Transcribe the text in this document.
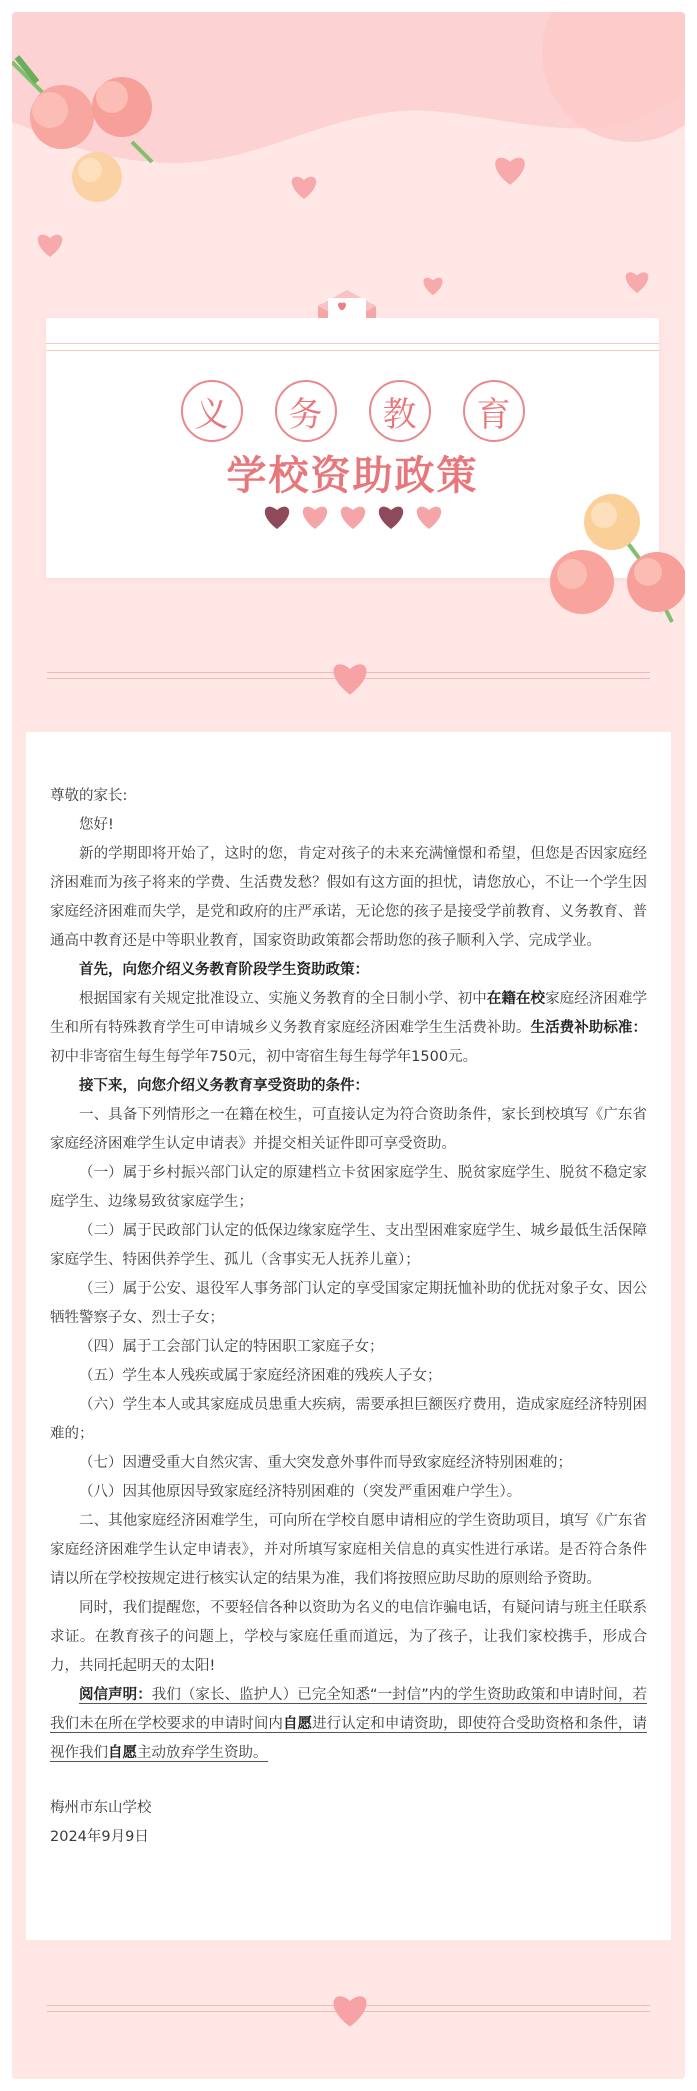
义	务	教	育
学校资助政策

尊敬的家长:

您好!

新的学期即将开始了，这时的您，肯定对孩子的未来充满憧憬和希望，但您是否因家庭经济困难而为孩子将来的学费、生活费发愁？假如有这方面的担忧，请您放心，不让一个学生因家庭经济困难而失学，是党和政府的庄严承诺，无论您的孩子是接受学前教育、义务教育、普通高中教育还是中等职业教育，国家资助政策都会帮助您的孩子顺利入学、完成学业。

首先，向您介绍义务教育阶段学生资助政策：

根据国家有关规定批准设立、实施义务教育的全日制小学、初中在籍在校家庭经济困难学生和所有特殊教育学生可申请城乡义务教育家庭经济困难学生生活费补助。生活费补助标准：初中非寄宿生每生每学年750元，初中寄宿生每生每学年1500元。

接下来，向您介绍义务教育享受资助的条件：

一、具备下列情形之一在籍在校生，可直接认定为符合资助条件，家长到校填写《广东省家庭经济困难学生认定申请表》并提交相关证件即可享受资助。

（一）属于乡村振兴部门认定的原建档立卡贫困家庭学生、脱贫家庭学生、脱贫不稳定家庭学生、边缘易致贫家庭学生；

（二）属于民政部门认定的低保边缘家庭学生、支出型困难家庭学生、城乡最低生活保障家庭学生、特困供养学生、孤儿（含事实无人抚养儿童）；

（三）属于公安、退役军人事务部门认定的享受国家定期抚恤补助的优抚对象子女、因公牺牲警察子女、烈士子女；

（四）属于工会部门认定的特困职工家庭子女；

（五）学生本人残疾或属于家庭经济困难的残疾人子女；

（六）学生本人或其家庭成员患重大疾病，需要承担巨额医疗费用，造成家庭经济特别困难的；

（七）因遭受重大自然灾害、重大突发意外事件而导致家庭经济特别困难的；

（八）因其他原因导致家庭经济特别困难的（突发严重困难户学生）。

二、其他家庭经济困难学生，可向所在学校自愿申请相应的学生资助项目，填写《广东省家庭经济困难学生认定申请表》，并对所填写家庭相关信息的真实性进行承诺。是否符合条件请以所在学校按规定进行核实认定的结果为准，我们将按照应助尽助的原则给予资助。

同时，我们提醒您，不要轻信各种以资助为名义的电信诈骗电话，有疑问请与班主任联系求证。在教育孩子的问题上，学校与家庭任重而道远，为了孩子，让我们家校携手，形成合力，共同托起明天的太阳!

阅信声明：我们（家长、监护人）已完全知悉“一封信”内的学生资助政策和申请时间，若我们未在所在学校要求的申请时间内自愿进行认定和申请资助，即使符合受助资格和条件，请视作我们自愿主动放弃学生资助。

梅州市东山学校

2024年9月9日
